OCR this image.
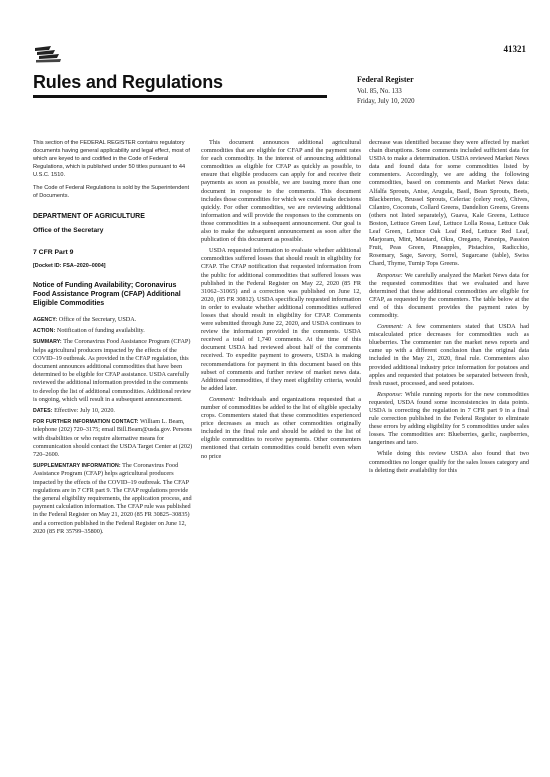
41321
Rules and Regulations	Federal Register
Vol. 85, No. 133
Friday, July 10, 2020

This section of the FEDERAL REGISTER contains regulatory documents having general applicability and legal effect, most of which are keyed to and codified in the Code of Federal Regulations, which is published under 50 titles pursuant to 44 U.S.C. 1510.

The Code of Federal Regulations is sold by the Superintendent of Documents.

DEPARTMENT OF AGRICULTURE
Office of the Secretary
7 CFR Part 9
[Docket ID: FSA–2020–0004]
Notice of Funding Availability; Coronavirus Food Assistance Program (CFAP) Additional Eligible Commodities

AGENCY: Office of the Secretary, USDA.

ACTION: Notification of funding availability.

SUMMARY: The Coronavirus Food Assistance Program (CFAP) helps agricultural producers impacted by the effects of the COVID–19 outbreak. As provided in the CFAP regulation, this document announces additional commodities that have been determined to be eligible for CFAP assistance. USDA carefully reviewed the additional information provided in the comments to develop the list of additional commodities. Additional review is ongoing, which will result in a subsequent announcement.

DATES: Effective: July 10, 2020.

FOR FURTHER INFORMATION CONTACT: William L. Beam, telephone (202) 720–3175; email Bill.Beam@usda.gov. Persons with disabilities or who require alternative means for communication should contact the USDA Target Center at (202) 720–2600.

SUPPLEMENTARY INFORMATION: The Coronavirus Food Assistance Program (CFAP) helps agricultural producers impacted by the effects of the COVID–19 outbreak. The CFAP regulations are in 7 CFR part 9. The CFAP regulations provide the general eligibility requirements, the application process, and payment calculation information. The CFAP rule was published in the Federal Register on May 21, 2020 (85 FR 30825–30835) and a correction published in the Federal Register on June 12, 2020 (85 FR 35799–35800).

This document announces additional agricultural commodities that are eligible for CFAP and the payment rates for each commodity. In the interest of announcing additional commodities as eligible for CFAP as quickly as possible, to ensure that eligible producers can apply for and receive their payments as soon as possible, we are issuing more than one document in response to the comments. This document includes those commodities for which we could make decisions quickly. For other commodities, we are reviewing additional information and will provide the responses to the comments on those commodities in a subsequent announcement. Our goal is also to make the subsequent announcement as soon after the publication of this document as possible.

USDA requested information to evaluate whether additional commodities suffered losses that should result in eligibility for CFAP. The CFAP notification that requested information from the public for additional commodities that suffered losses was published in the Federal Register on May 22, 2020 (85 FR 31062–31065) and a correction was published on June 12, 2020, (85 FR 30812). USDA specifically requested information in order to evaluate whether additional commodities suffered losses that should result in eligibility for CFAP. Comments were submitted through June 22, 2020, and USDA continues to review the information provided in the comments. USDA received a total of 1,740 comments. At the time of this document USDA had reviewed about half of the comments received. To expedite payment to growers, USDA is making recommendations for payment in this document based on this subset of comments and further review of market news data. Additional commodities, if they meet eligibility criteria, would be added later.

Comment: Individuals and organizations requested that a number of commodities be added to the list of eligible specialty crops. Commenters stated that these commodities experienced price decreases as much as other commodities originally included in the final rule and should be added to the list of eligible commodities to receive payments. Other commenters mentioned that certain commodities could benefit even when no price

decrease was identified because they were affected by market chain disruptions. Some comments included sufficient data for USDA to make a determination. USDA reviewed Market News data and found data for some commodities listed by commenters. Accordingly, we are adding the following commodities, based on comments and Market News data: Alfalfa Sprouts, Anise, Arugula, Basil, Bean Sprouts, Beets, Blackberries, Brussel Sprouts, Celeriac (celery root), Chives, Cilantro, Coconuts, Collard Greens, Dandelion Greens, Greens (others not listed separately), Guava, Kale Greens, Lettuce Boston, Lettuce Green Leaf, Lettuce Lolla Rossa, Lettuce Oak Leaf Green, Lettuce Oak Leaf Red, Lettuce Red Leaf, Marjoram, Mint, Mustard, Okra, Oregano, Parsnips, Passion Fruit, Peas Green, Pineapples, Pistachios, Radicchio, Rosemary, Sage, Savory, Sorrel, Sugarcane (table), Swiss Chard, Thyme, Turnip Tops Greens.

Response: We carefully analyzed the Market News data for the requested commodities that we evaluated and have determined that these additional commodities are eligible for CFAP, as requested by the commenters. The table below at the end of this document provides the payment rates by commodity.

Comment: A few commenters stated that USDA had miscalculated price decreases for commodities such as blueberries. The commenter ran the market news reports and came up with a different conclusion than the original data included in the May 21, 2020, final rule. Commenters also provided additional industry price information for potatoes and apples and requested that potatoes be separated between fresh, fresh russet, processed, and seed potatoes.

Response: While running reports for the new commodities requested, USDA found some inconsistencies in data points. USDA is correcting the regulation in 7 CFR part 9 in a final rule correction published in the Federal Register to eliminate these errors by adding eligibility for 5 commodities under sales losses. The commodities are: Blueberries, garlic, raspberries, tangerines and taro.

While doing this review USDA also found that two commodities no longer qualify for the sales losses category and is deleting their availability for this
